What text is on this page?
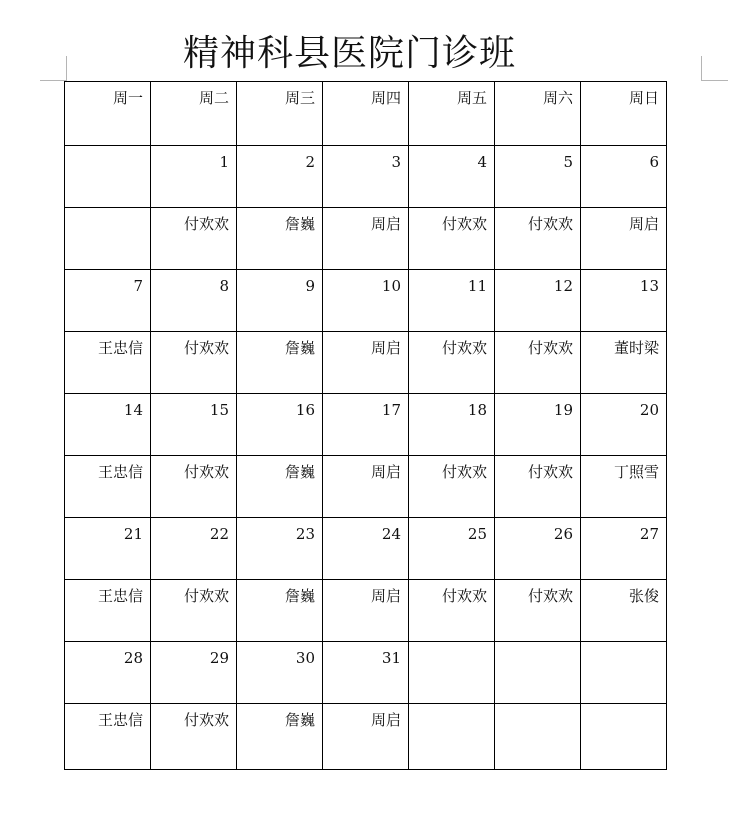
精神科县医院门诊班
周一	周二	周三	周四	周五	周六	周日
	1	2	3	4	5	6
	付欢欢	詹巍	周启	付欢欢	付欢欢	周启
7	8	9	10	11	12	13
王忠信	付欢欢	詹巍	周启	付欢欢	付欢欢	董时梁
14	15	16	17	18	19	20
王忠信	付欢欢	詹巍	周启	付欢欢	付欢欢	丁照雪
21	22	23	24	25	26	27
王忠信	付欢欢	詹巍	周启	付欢欢	付欢欢	张俊
28	29	30	31			
王忠信	付欢欢	詹巍	周启			
